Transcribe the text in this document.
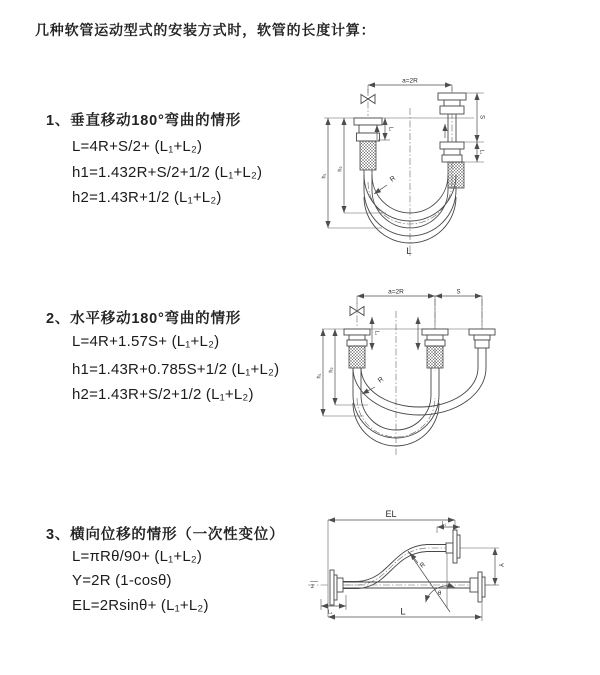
几种软管运动型式的安装方式时，软管的长度计算：
1、垂直移动180°弯曲的情形
L=4R+S/2+ (L₁+L₂)
h1=1.432R+S/2+1/2 (L₁+L₂)
h2=1.43R+1/2 (L₁+L₂)
2、水平移动180°弯曲的情形
L=4R+1.57S+ (L₁+L₂)
h1=1.43R+0.785S+1/2 (L₁+L₂)
h2=1.43R+S/2+1/2 (L₁+L₂)
3、横向位移的情形（一次性变位）
L=πRθ/90+ (L₁+L₂)
Y=2R (1-cosθ)
EL=2Rsinθ+ (L₁+L₂)
a=2R
S
L₁
L₁
h₁
h₂
R
L
a=2R	S
L₁
h₁
h₂
R
z
EL
L₁
Y
θ
R
L
L₁
